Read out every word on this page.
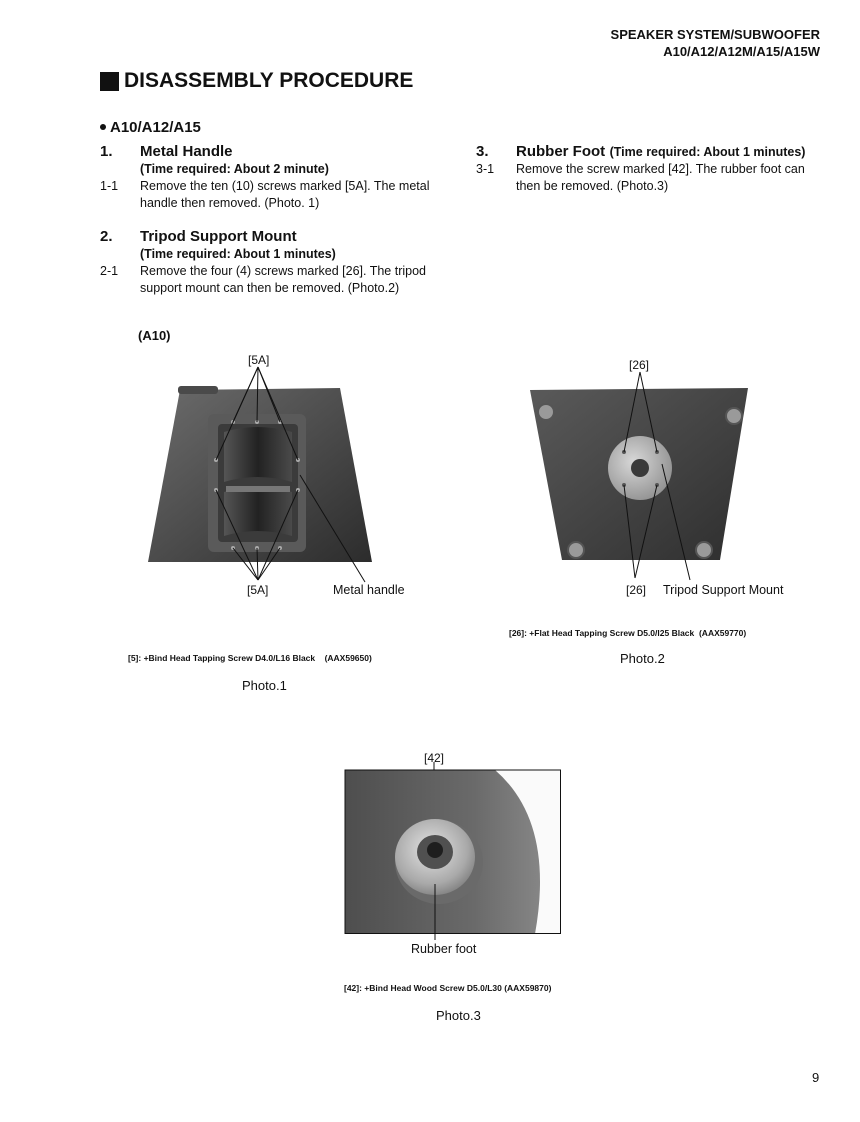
SPEAKER SYSTEM/SUBWOOFER
A10/A12/A12M/A15/A15W
DISASSEMBLY PROCEDURE
A10/A12/A15
1. Metal Handle
(Time required: About 2 minute)
1-1 Remove the ten (10) screws marked [5A]. The metal
handle then removed. (Photo. 1)
2. Tripod Support Mount
(Time required: About 1 minutes)
2-1 Remove the four (4) screws marked [26]. The tripod
support mount can then be removed. (Photo.2)
3. Rubber Foot (Time required: About 1 minutes)
3-1 Remove the screw marked [42]. The rubber foot can
then be removed. (Photo.3)
(A10)
[5A]
[5A]	Metal handle
[5]: +Bind Head Tapping Screw D4.0/L16 Black    (AAX59650)
Photo.1
[26]
[26] Tripod Support Mount
[26]: +Flat Head Tapping Screw D5.0/l25 Black  (AAX59770)
Photo.2
[42]
Rubber foot
[42]: +Bind Head Wood Screw D5.0/L30 (AAX59870)
Photo.3
9
